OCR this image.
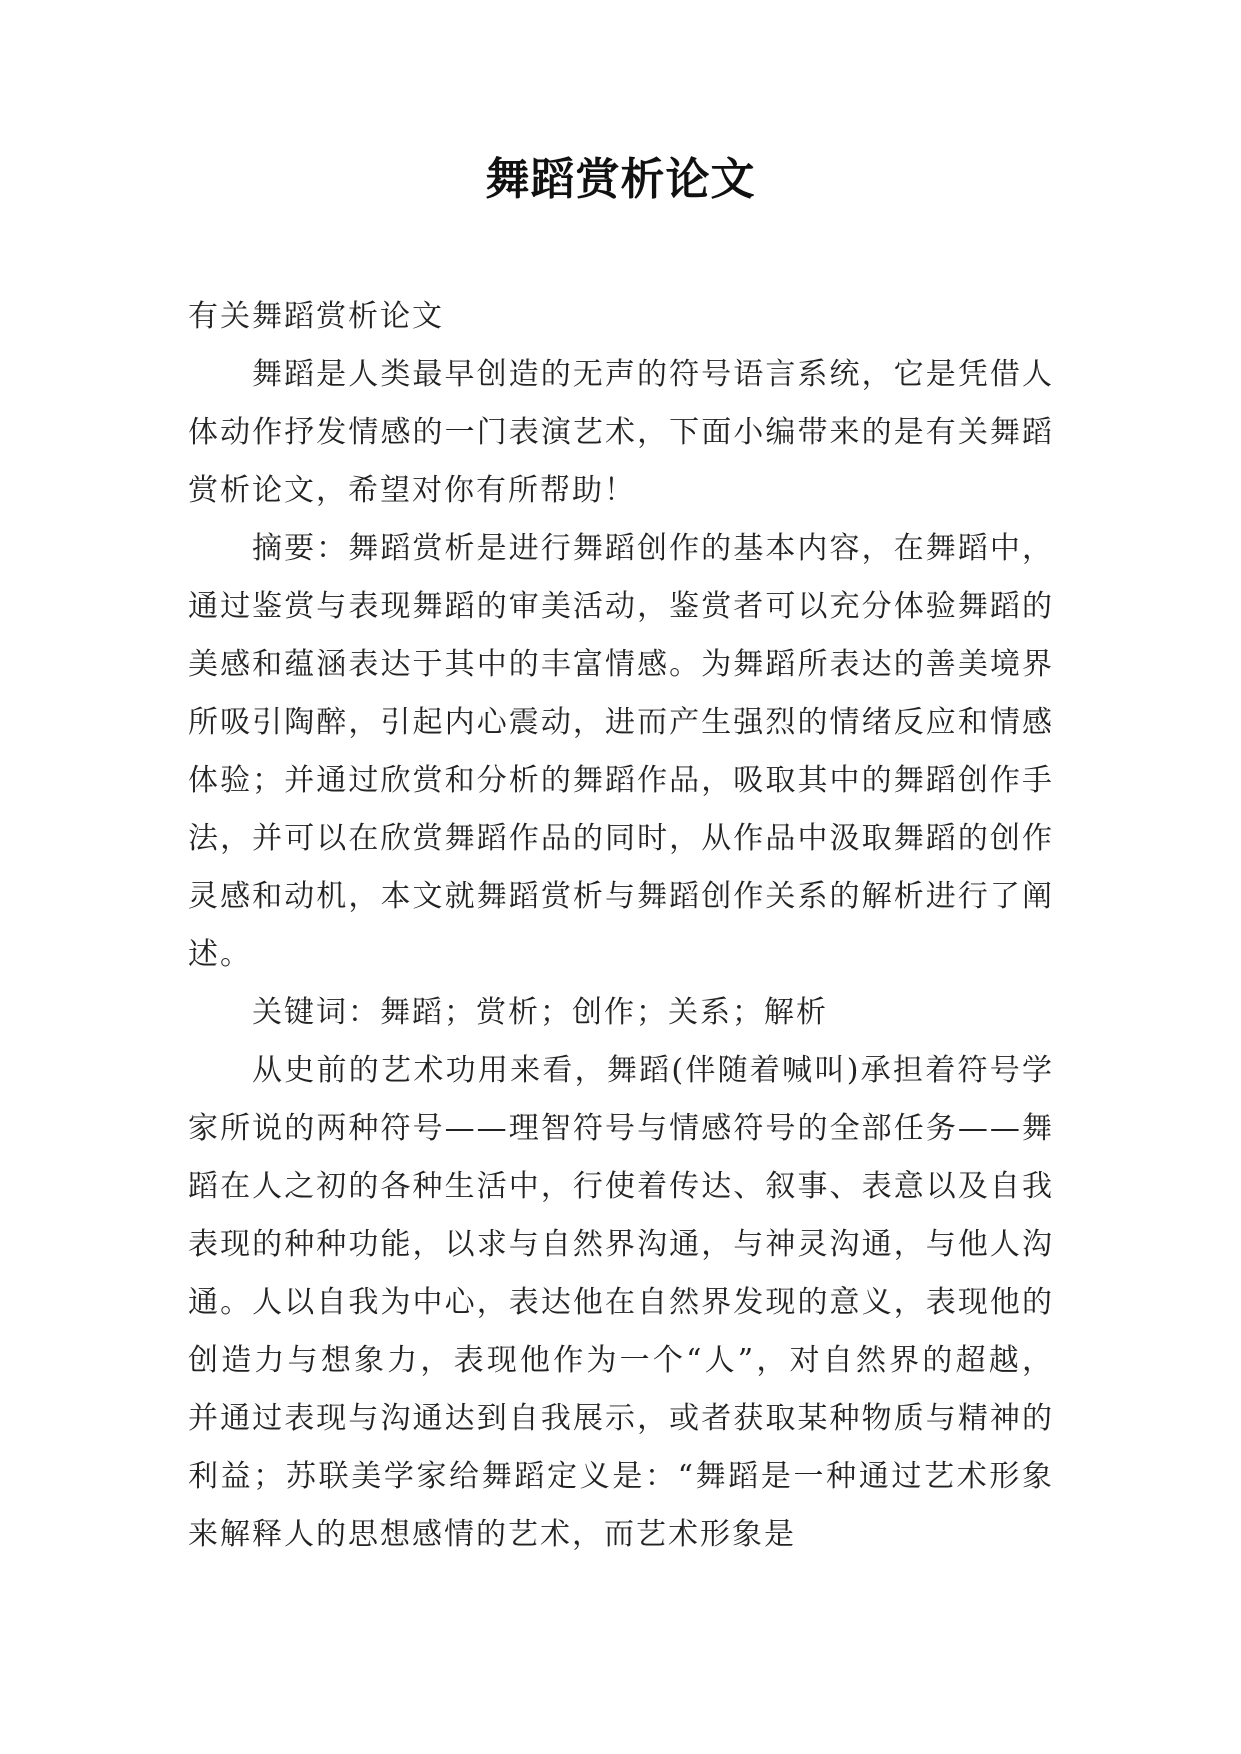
舞蹈赏析论文

有关舞蹈赏析论文

舞蹈是人类最早创造的无声的符号语言系统，它是凭借人体动作抒发情感的一门表演艺术，下面小编带来的是有关舞蹈赏析论文，希望对你有所帮助！

摘要：舞蹈赏析是进行舞蹈创作的基本内容，在舞蹈中，通过鉴赏与表现舞蹈的审美活动，鉴赏者可以充分体验舞蹈的美感和蕴涵表达于其中的丰富情感。为舞蹈所表达的善美境界所吸引陶醉，引起内心震动，进而产生强烈的情绪反应和情感体验；并通过欣赏和分析的舞蹈作品，吸取其中的舞蹈创作手法，并可以在欣赏舞蹈作品的同时，从作品中汲取舞蹈的创作灵感和动机，本文就舞蹈赏析与舞蹈创作关系的解析进行了阐述。

关键词：舞蹈；赏析；创作；关系；解析

从史前的艺术功用来看，舞蹈(伴随着喊叫)承担着符号学家所说的两种符号——理智符号与情感符号的全部任务——舞蹈在人之初的各种生活中，行使着传达、叙事、表意以及自我表现的种种功能，以求与自然界沟通，与神灵沟通，与他人沟通。人以自我为中心，表达他在自然界发现的意义，表现他的创造力与想象力，表现他作为一个“人”，对自然界的超越，并通过表现与沟通达到自我展示，或者获取某种物质与精神的利益；苏联美学家给舞蹈定义是：“舞蹈是一种通过艺术形象来解释人的思想感情的艺术，而艺术形象是
